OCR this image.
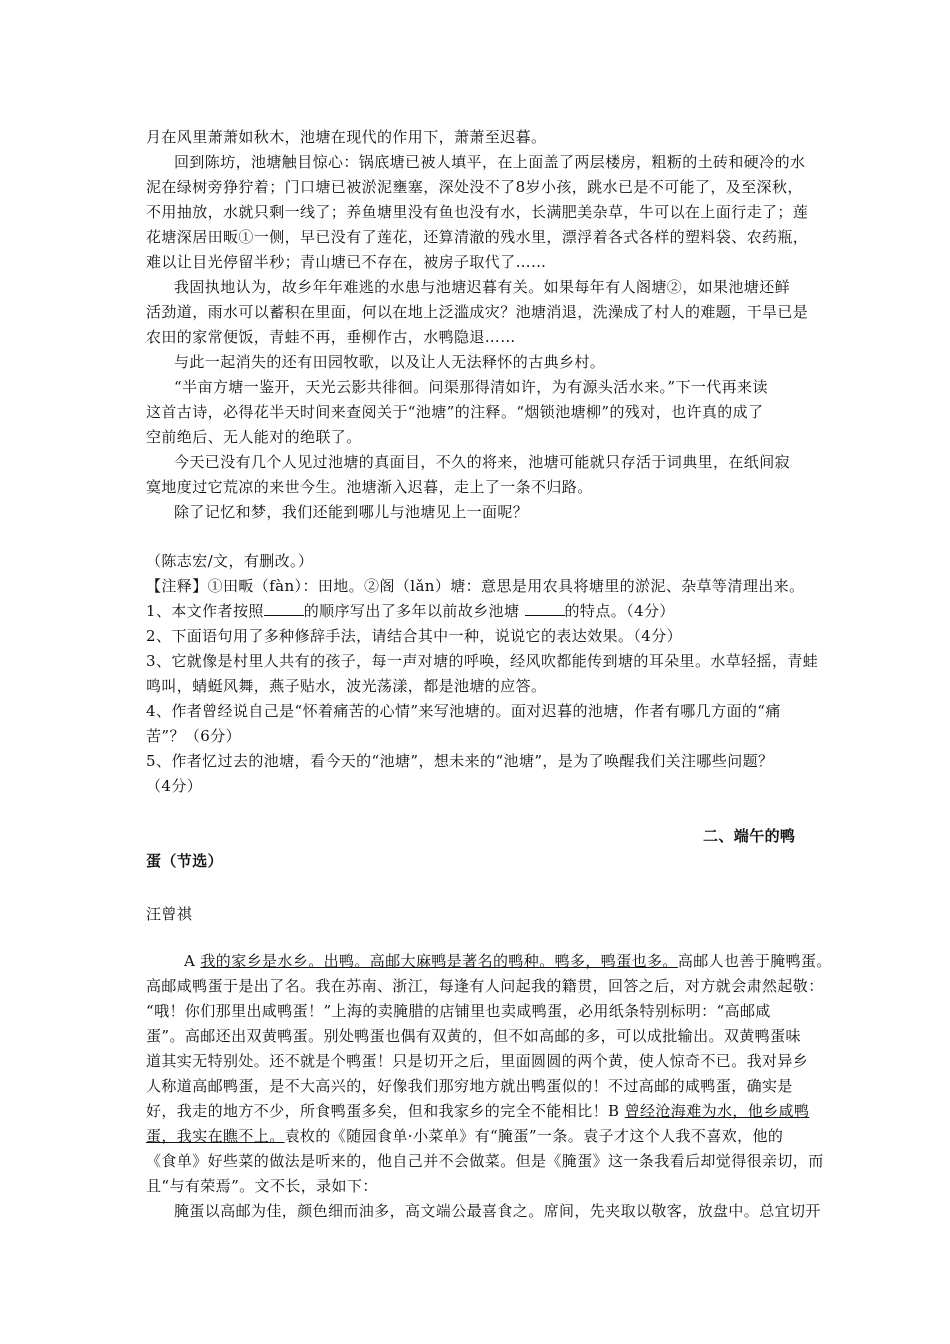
月在风里萧萧如秋木，池塘在现代的作用下，萧萧至迟暮。
回到陈坊，池塘触目惊心：锅底塘已被人填平，在上面盖了两层楼房，粗粝的土砖和硬冷的水
泥在绿树旁狰狞着；门口塘已被淤泥壅塞，深处没不了8岁小孩，跳水已是不可能了，及至深秋，
不用抽放，水就只剩一线了；养鱼塘里没有鱼也没有水，长满肥美杂草，牛可以在上面行走了；莲
花塘深居田畈①一侧，早已没有了莲花，还算清澈的残水里，漂浮着各式各样的塑料袋、农药瓶，
难以让目光停留半秒；青山塘已不存在，被房子取代了……
我固执地认为，故乡年年难逃的水患与池塘迟暮有关。如果每年有人阁塘②，如果池塘还鲜
活劲道，雨水可以蓄积在里面，何以在地上泛滥成灾？池塘消退，洗澡成了村人的难题，干旱已是
农田的家常便饭，青蛙不再，垂柳作古，水鸭隐退……
与此一起消失的还有田园牧歌，以及让人无法释怀的古典乡村。
“半亩方塘一鉴开，天光云影共徘徊。问渠那得清如许，为有源头活水来。”下一代再来读
这首古诗，必得花半天时间来查阅关于“池塘”的注释。“烟锁池塘柳”的残对，也许真的成了
空前绝后、无人能对的绝联了。
今天已没有几个人见过池塘的真面目，不久的将来，池塘可能就只存活于词典里，在纸间寂
寞地度过它荒凉的来世今生。池塘渐入迟暮，走上了一条不归路。
除了记忆和梦，我们还能到哪儿与池塘见上一面呢？
（陈志宏/文，有删改。）
【注释】①田畈（fàn）：田地。②阁（lǎn）塘：意思是用农具将塘里的淤泥、杂草等清理出来。
1、本文作者按照	的顺序写出了多年以前故乡池塘	的特点。（4分）
2、下面语句用了多种修辞手法，请结合其中一种，说说它的表达效果。（4分）
3、它就像是村里人共有的孩子，每一声对塘的呼唤，经风吹都能传到塘的耳朵里。水草轻摇，青蛙
鸣叫，蜻蜓风舞，燕子贴水，波光荡漾，都是池塘的应答。
4、作者曾经说自己是“怀着痛苦的心情”来写池塘的。面对迟暮的池塘，作者有哪几方面的“痛
苦”？（6分）
5、作者忆过去的池塘，看今天的“池塘”，想未来的“池塘”，是为了唤醒我们关注哪些问题？
（4分）
二、端午的鸭
蛋（节选）
汪曾祺
A 我的家乡是水乡。出鸭。高邮大麻鸭是著名的鸭种。鸭多，鸭蛋也多。高邮人也善于腌鸭蛋。
高邮咸鸭蛋于是出了名。我在苏南、浙江，每逢有人问起我的籍贯，回答之后，对方就会肃然起敬：
“哦！你们那里出咸鸭蛋！”上海的卖腌腊的店铺里也卖咸鸭蛋，必用纸条特别标明：“高邮咸
蛋”。高邮还出双黄鸭蛋。别处鸭蛋也偶有双黄的，但不如高邮的多，可以成批输出。双黄鸭蛋味
道其实无特别处。还不就是个鸭蛋！只是切开之后，里面圆圆的两个黄，使人惊奇不已。我对异乡
人称道高邮鸭蛋，是不大高兴的，好像我们那穷地方就出鸭蛋似的！不过高邮的咸鸭蛋，确实是
好，我走的地方不少，所食鸭蛋多矣，但和我家乡的完全不能相比！B 曾经沧海难为水，他乡咸鸭
蛋，我实在瞧不上。袁枚的《随园食单·小菜单》有“腌蛋”一条。袁子才这个人我不喜欢，他的
《食单》好些菜的做法是听来的，他自己并不会做菜。但是《腌蛋》这一条我看后却觉得很亲切，而
且“与有荣焉”。文不长，录如下：
腌蛋以高邮为佳，颜色细而油多，高文端公最喜食之。席间，先夹取以敬客，放盘中。总宜切开
